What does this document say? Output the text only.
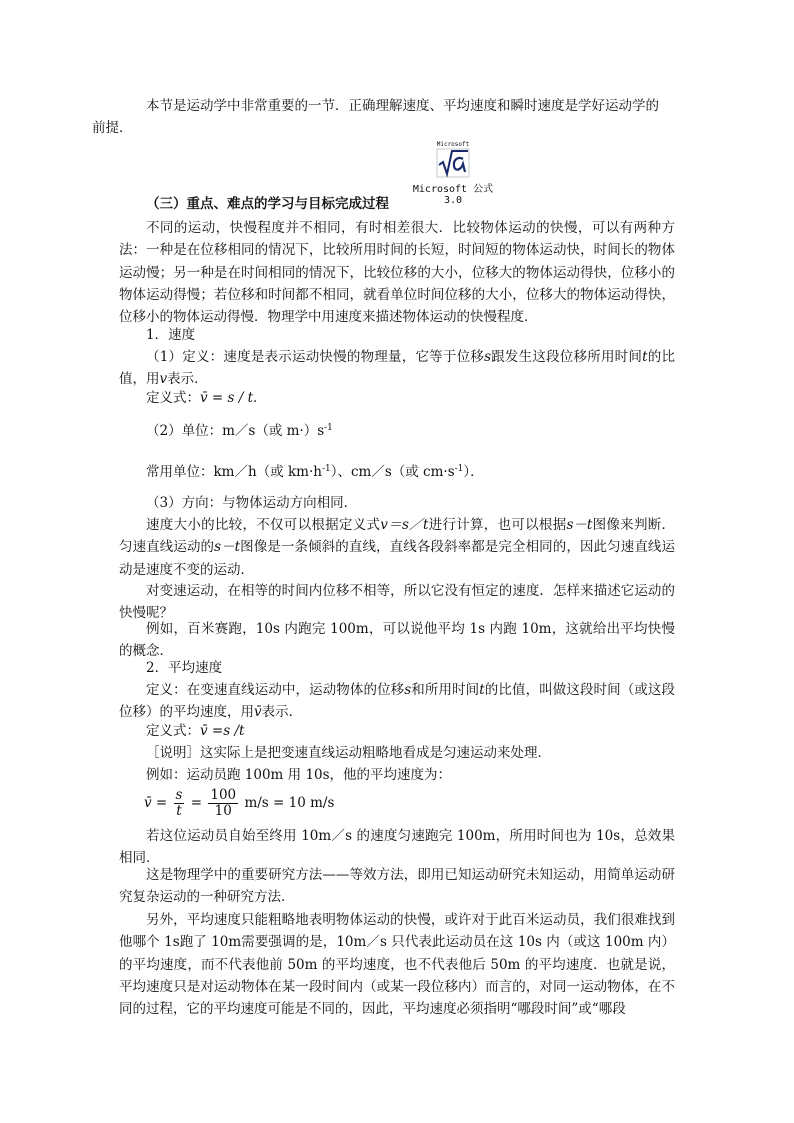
本节是运动学中非常重要的一节．正确理解速度、平均速度和瞬时速度是学好运动学的
前提．

Microsoft
Microsoft 公式
3.0

（三）重点、难点的学习与目标完成过程

不同的运动，快慢程度并不相同，有时相差很大．比较物体运动的快慢，可以有两种方法：一种是在位移相同的情况下，比较所用时间的长短，时间短的物体运动快，时间长的物体运动慢；另一种是在时间相同的情况下，比较位移的大小，位移大的物体运动得快，位移小的物体运动得慢；若位移和时间都不相同，就看单位时间位移的大小，位移大的物体运动得快，位移小的物体运动得慢．物理学中用速度来描述物体运动的快慢程度．

1．速度

（1）定义：速度是表示运动快慢的物理量，它等于位移s跟发生这段位移所用时间t的比值，用v表示．

定义式：v̄ = s / t．

（2）单位：m／s（或 $m\cdot)s^{-1}$

常用单位：km／h（或 $km\cdot h^{-1}$）、cm／s（或 $cm\cdot s^{-1}$）．

（3）方向：与物体运动方向相同．

速度大小的比较，不仅可以根据定义式v＝s／t进行计算，也可以根据s－t图像来判断．匀速直线运动的s－t图像是一条倾斜的直线，直线各段斜率都是完全相同的，因此匀速直线运动是速度不变的运动．

对变速运动，在相等的时间内位移不相等，所以它没有恒定的速度．怎样来描述它运动的快慢呢？

例如，百米赛跑，10s 内跑完 100m，可以说他平均 1s 内跑 10m，这就给出平均快慢的概念．

2．平均速度

定义：在变速直线运动中，运动物体的位移s和所用时间t的比值，叫做这段时间（或这段位移）的平均速度，用v̄表示．

定义式：v̄ =s /t

［说明］这实际上是把变速直线运动粗略地看成是匀速运动来处理．

例如：运动员跑 100m 用 10s，他的平均速度为：

v̄ = $\frac{s}{t} = \frac{100}{10} m/s = 10$ m/s

若这位运动员自始至终用 10m／s 的速度匀速跑完 100m，所用时间也为 10s，总效果相同．

这是物理学中的重要研究方法——等效方法，即用已知运动研究未知运动，用简单运动研究复杂运动的一种研究方法．

另外，平均速度只能粗略地表明物体运动的快慢，或许对于此百米运动员，我们很难找到他哪个 1s跑了 10m需要强调的是，10m／s 只代表此运动员在这 10s 内（或这 100m 内）的平均速度，而不代表他前 50m 的平均速度，也不代表他后 50m 的平均速度．也就是说，平均速度只是对运动物体在某一段时间内（或某一段位移内）而言的，对同一运动物体，在不同的过程，它的平均速度可能是不同的，因此，平均速度必须指明“哪段时间”或“哪段
